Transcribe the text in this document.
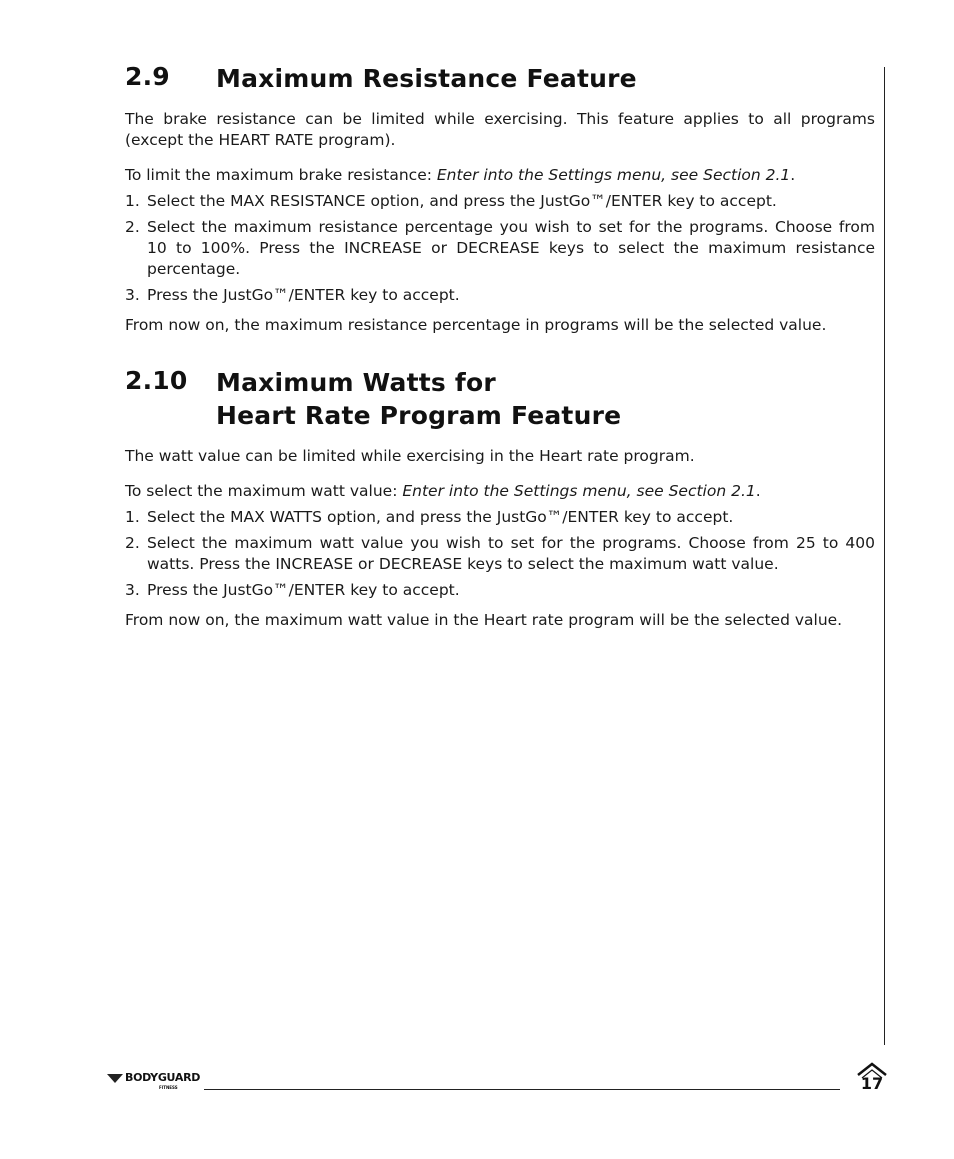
2.9	Maximum Resistance Feature

The brake resistance can be limited while exercising. This feature applies to all programs (except the HEART RATE program).

To limit the maximum brake resistance: Enter into the Settings menu, see Section 2.1.

1. Select the MAX RESISTANCE option, and press the JustGo™/ENTER key to accept.
2. Select the maximum resistance percentage you wish to set for the programs. Choose from 10 to 100%. Press the INCREASE or DECREASE keys to select the maximum resistance percentage.
3. Press the JustGo™/ENTER key to accept.

From now on, the maximum resistance percentage in programs will be the selected value.

2.10	Maximum Watts for
Heart Rate Program Feature

The watt value can be limited while exercising in the Heart rate program.

To select the maximum watt value: Enter into the Settings menu, see Section 2.1.

1. Select the MAX WATTS option, and press the JustGo™/ENTER key to accept.
2. Select the maximum watt value you wish to set for the programs. Choose from 25 to 400 watts. Press the INCREASE or DECREASE keys to select the maximum watt value.
3. Press the JustGo™/ENTER key to accept.

From now on, the maximum watt value in the Heart rate program will be the selected value.

BODYGUARD
FITNESS	17
